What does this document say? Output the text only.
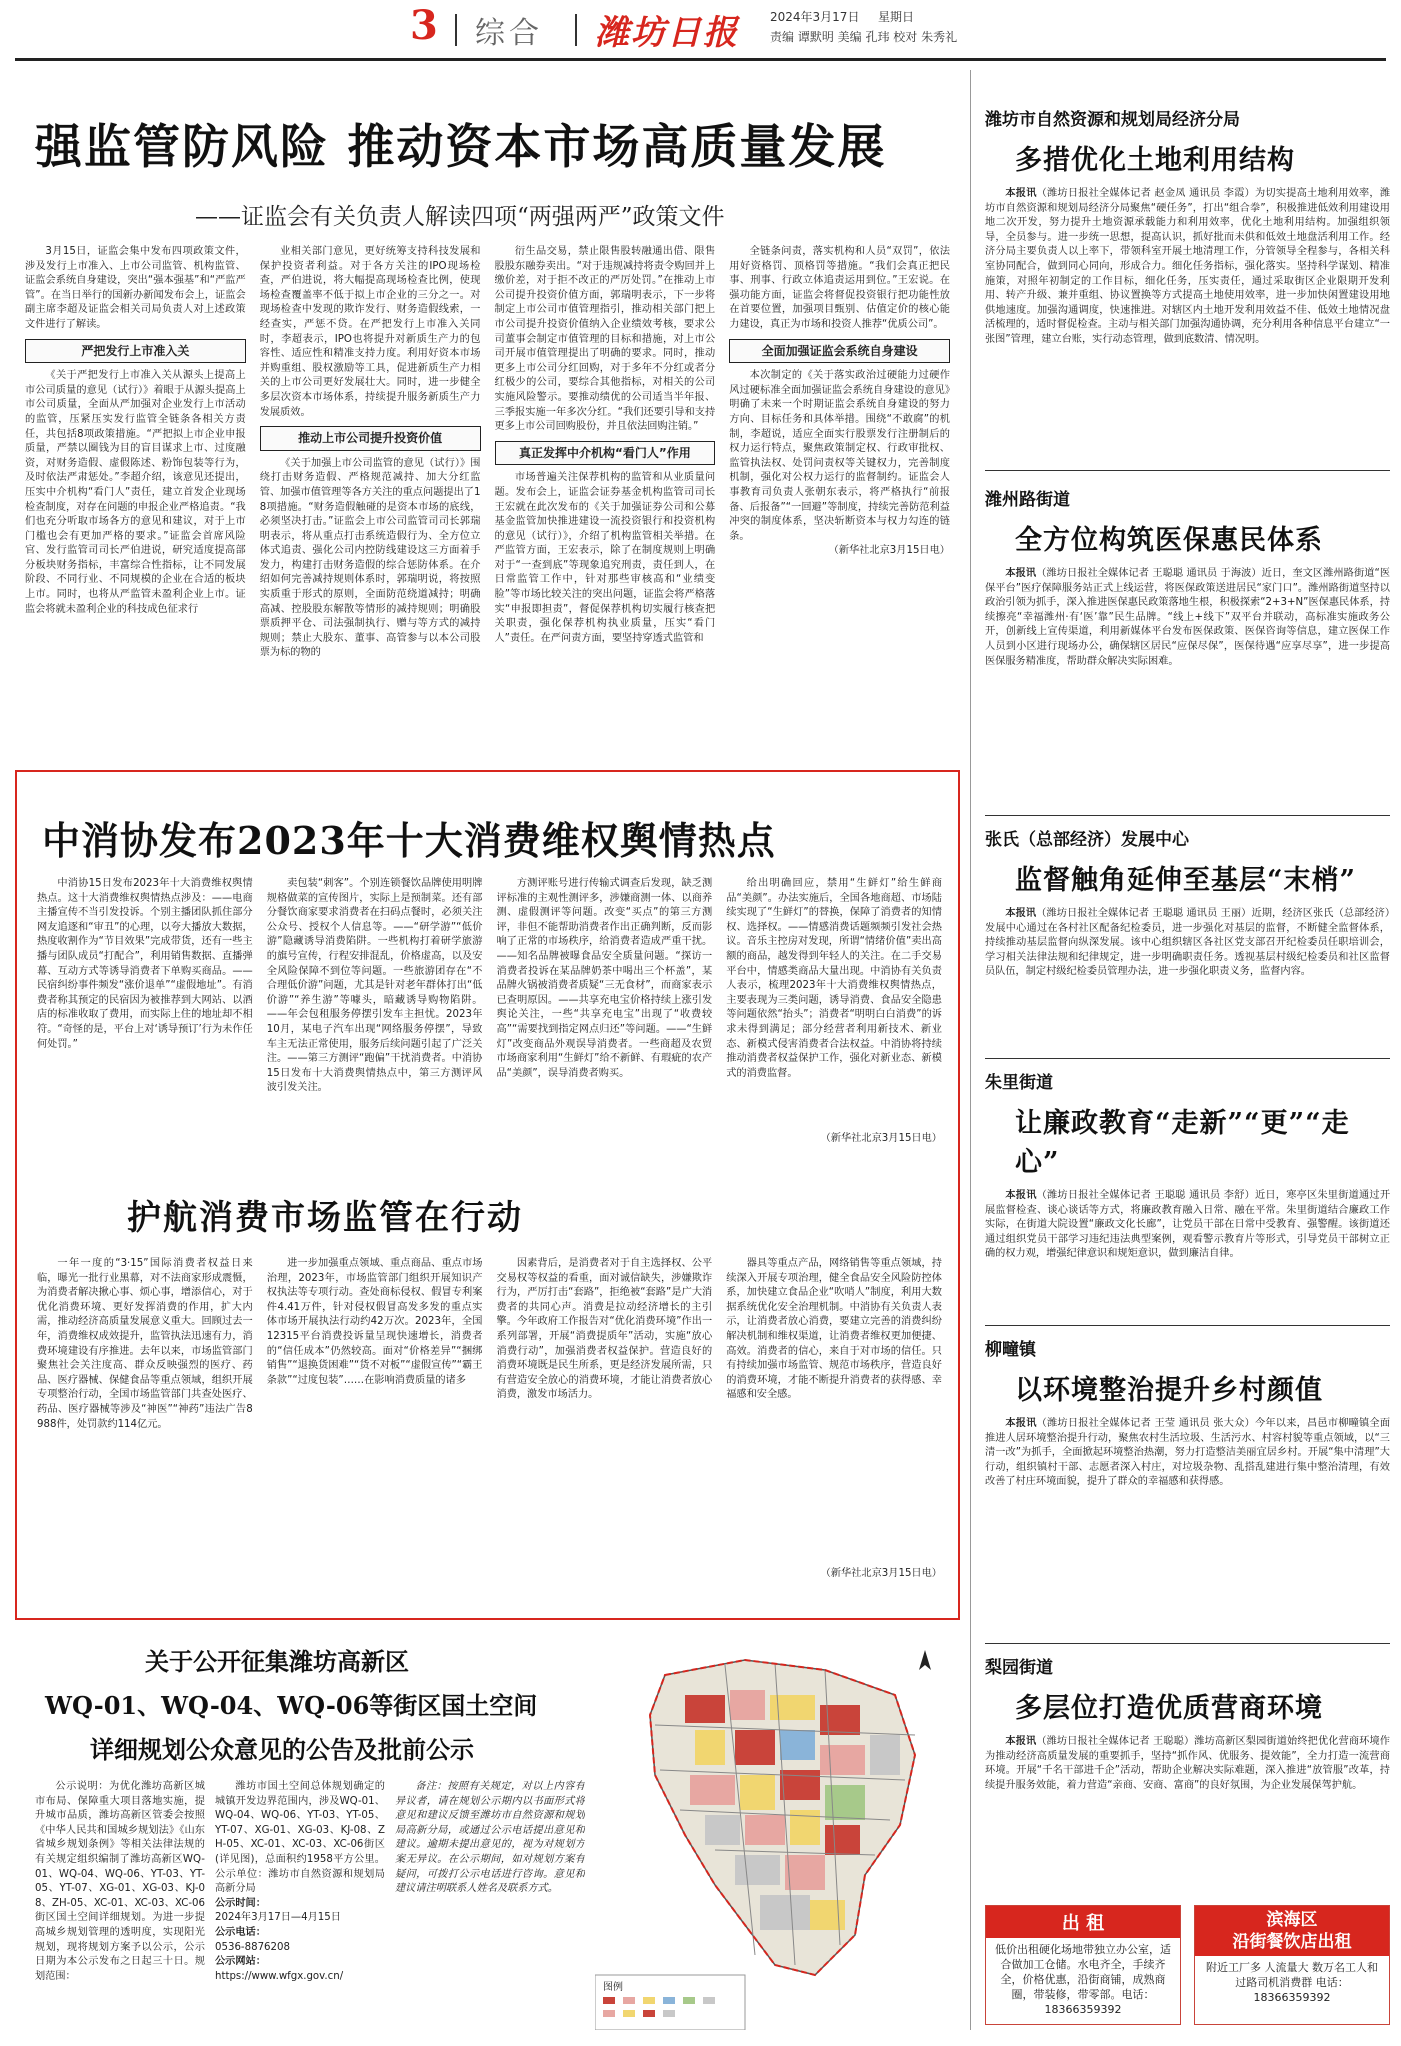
3 综合 潍坊日报	2024年3月17日 星期日
责编 谭默明 美编 孔玮 校对 朱秀礼
强监管防风险 推动资本市场高质量发展
——证监会有关负责人解读四项“两强两严”政策文件

3月15日，证监会集中发布四项政策文件，涉及发行上市准入、上市公司监管、机构监管、证监会系统自身建设，突出“强本强基”和“严监严管”。在当日举行的国新办新闻发布会上，证监会副主席李超及证监会相关司局负责人对上述政策文件进行了解读。

严把发行上市准入关

《关于严把发行上市准入关从源头上提高上市公司质量的意见（试行）》着眼于从源头提高上市公司质量，全面从严加强对企业发行上市活动的监管，压紧压实发行监管全链条各相关方责任，共包括8项政策措施。“严把拟上市企业申报质量，严禁以圈钱为目的盲目谋求上市、过度融资，对财务造假、虚假陈述、粉饰包装等行为，及时依法严肃惩处。”李超介绍，该意见还提出，压实中介机构“看门人”责任，建立首发企业现场检查制度，对存在问题的申报企业严格追责。“我们也充分听取市场各方的意见和建议，对于上市门槛也会有更加严格的要求。”证监会首席风险官、发行监管司司长严伯进说，研究适度提高部分板块财务指标，丰富综合性指标，让不同发展阶段、不同行业、不同规模的企业在合适的板块上市。同时，也将从严监管未盈利企业上市。证监会将就未盈利企业的科技成色征求行

业相关部门意见，更好统筹支持科技发展和保护投资者利益。对于各方关注的IPO现场检查，严伯进说，将大幅提高现场检查比例，使现场检查覆盖率不低于拟上市企业的三分之一。对现场检查中发现的欺诈发行、财务造假线索，一经查实，严惩不贷。在严把发行上市准入关同时，李超表示，IPO也将提升对新质生产力的包容性、适应性和精准支持力度。利用好资本市场并购重组、股权激励等工具，促进新质生产力相关的上市公司更好发展壮大。同时，进一步健全多层次资本市场体系，持续提升服务新质生产力发展质效。

推动上市公司提升投资价值

《关于加强上市公司监管的意见（试行）》围绕打击财务造假、严格规范减持、加大分红监管、加强市值管理等各方关注的重点问题提出了18项措施。“财务造假触碰的是资本市场的底线，必须坚决打击。”证监会上市公司监管司司长郭瑞明表示，将从重点打击系统造假行为、全方位立体式追责、强化公司内控防线建设这三方面着手发力，构建打击财务造假的综合惩防体系。在介绍如何完善减持规则体系时，郭瑞明说，将按照实质重于形式的原则，全面防范绕道减持；明确高减、控股股东解散等情形的减持规则；明确股票质押平仓、司法强制执行、赠与等方式的减持规则；禁止大股东、董事、高管参与以本公司股票为标的物的

衍生品交易，禁止限售股转融通出借、限售股股东融券卖出。“对于违规减持将责令购回并上缴价差，对于拒不改正的严厉处罚。”在推动上市公司提升投资价值方面，郭瑞明表示，下一步将制定上市公司市值管理指引，推动相关部门把上市公司提升投资价值纳入企业绩效考核，要求公司董事会制定市值管理的目标和措施，对上市公司开展市值管理提出了明确的要求。同时，推动更多上市公司分红回购，对于多年不分红或者分红极少的公司，要综合其他指标，对相关的公司实施风险警示。要推动绩优的公司适当半年报、三季报实施一年多次分红。“我们还要引导和支持更多上市公司回购股份，并且依法回购注销。”

真正发挥中介机构“看门人”作用

市场普遍关注保荐机构的监管和从业质量问题。发布会上，证监会证券基金机构监管司司长王宏就在此次发布的《关于加强证券公司和公募基金监管加快推进建设一流投资银行和投资机构的意见（试行）》，介绍了机构监管相关举措。在严监管方面，王宏表示，除了在制度规则上明确对于“一查到底”等现象追究刑责，责任到人，在日常监管工作中，针对那些审核高和“业绩变脸”等市场比较关注的突出问题，证监会将严格落实“申报即担责”，督促保荐机构切实履行核查把关职责，强化保荐机构执业质量，压实“看门人”责任。在严问责方面，要坚持穿透式监管和

全链条问责，落实机构和人员“双罚”，依法用好资格罚、顶格罚等措施。“我们会真正把民事、刑事、行政立体追责运用到位。”王宏说。在强功能方面，证监会将督促投资银行把功能性放在首要位置，加强项目甄别、估值定价的核心能力建设，真正为市场和投资人推荐“优质公司”。

全面加强证监会系统自身建设

本次制定的《关于落实政治过硬能力过硬作风过硬标准全面加强证监会系统自身建设的意见》明确了未来一个时期证监会系统自身建设的努力方向、目标任务和具体举措。围绕“不敢腐”的机制，李超说，适应全面实行股票发行注册制后的权力运行特点，聚焦政策制定权、行政审批权、监管执法权、处罚问责权等关键权力，完善制度机制，强化对公权力运行的监督制约。证监会人事教育司负责人张朝东表示，将严格执行“前报备、后报备”“一回避”等制度，持续完善防范利益冲突的制度体系，坚决斩断资本与权力勾连的链条。

（新华社北京3月15日电）
潍坊市自然资源和规划局经济分局
多措优化土地利用结构
本报讯（潍坊日报社全媒体记者 赵金凤 通讯员 李霞）为切实提高土地利用效率，潍坊市自然资源和规划局经济分局聚焦“硬任务”，打出“组合拳”，积极推进低效利用建设用地二次开发，努力提升土地资源承载能力和利用效率，优化土地利用结构。加强组织领导，全员参与。进一步统一思想，提高认识，抓好批而未供和低效土地盘活利用工作。经济分局主要负责人以上率下，带领科室开展土地清理工作，分管领导全程参与，各相关科室协同配合，做到同心同向，形成合力。细化任务指标，强化落实。坚持科学谋划、精准施策，对照年初制定的工作目标，细化任务，压实责任，通过采取街区企业限期开发利用、转产升级、兼并重组、协议置换等方式提高土地使用效率，进一步加快闲置建设用地供地速度。加强沟通调度，快速推进。对辖区内土地开发利用效益不佳、低效土地情况盘活梳理的，适时督促检查。主动与相关部门加强沟通协调，充分利用各种信息平台建立“一张图”管理，建立台账，实行动态管理，做到底数清、情况明。
潍州路街道
全方位构筑医保惠民体系
本报讯（潍坊日报社全媒体记者 王聪聪 通讯员 于海波）近日，奎文区潍州路街道“医保平台”医疗保障服务站正式上线运营，将医保政策送进居民“家门口”。潍州路街道坚持以政治引领为抓手，深入推进医保惠民政策落地生根，积极探索“2+3+N”医保惠民体系，持续擦亮“幸福潍州·有‘医’靠”民生品牌。“线上+线下”双平台并联动，高标准实施政务公开，创新线上宣传渠道，利用新媒体平台发布医保政策、医保咨询等信息，建立医保工作人员到小区进行现场办公，确保辖区居民“应保尽保”，医保待遇“应享尽享”，进一步提高医保服务精准度，帮助群众解决实际困难。
张氏（总部经济）发展中心
监督触角延伸至基层“末梢”
本报讯（潍坊日报社全媒体记者 王聪聪 通讯员 王丽）近期，经济区张氏（总部经济）发展中心通过在各村社区配备纪检委员，进一步强化对基层的监督，不断健全监督体系，持续推动基层监督向纵深发展。该中心组织辖区各社区党支部召开纪检委员任职培训会，学习相关法律法规和纪律规定，进一步明确职责任务。透视基层村级纪检委员和社区监督员队伍，制定村级纪检委员管理办法，进一步强化职责义务，监督内容。
朱里街道
让廉政教育“走新”“更”“走心”
本报讯（潍坊日报社全媒体记者 王聪聪 通讯员 李舒）近日，寒亭区朱里街道通过开展监督检查、谈心谈话等方式，将廉政教育融入日常、融在平常。朱里街道结合廉政工作实际，在街道大院设置“廉政文化长廊”，让党员干部在日常中受教育、强警醒。该街道还通过组织党员干部学习违纪违法典型案例，观看警示教育片等形式，引导党员干部树立正确的权力观，增强纪律意识和规矩意识，做到廉洁自律。
柳疃镇
以环境整治提升乡村颜值
本报讯（潍坊日报社全媒体记者 王莹 通讯员 张大众）今年以来，昌邑市柳疃镇全面推进人居环境整治提升行动，聚焦农村生活垃圾、生活污水、村容村貌等重点领域，以“三清一改”为抓手，全面掀起环境整治热潮，努力打造整洁美丽宜居乡村。开展“集中清理”大行动，组织镇村干部、志愿者深入村庄，对垃圾杂物、乱搭乱建进行集中整治清理，有效改善了村庄环境面貌，提升了群众的幸福感和获得感。
梨园街道
多层位打造优质营商环境
本报讯（潍坊日报社全媒体记者 王聪聪）潍坊高新区梨园街道始终把优化营商环境作为推动经济高质量发展的重要抓手，坚持“抓作风、优服务、提效能”，全力打造一流营商环境。开展“千名干部进千企”活动，帮助企业解决实际难题，深入推进“放管服”改革，持续提升服务效能，着力营造“亲商、安商、富商”的良好氛围，为企业发展保驾护航。
出 租
低价出租硬化场地带独立办公室，适合做加工仓储。水电齐全，手续齐全，价格优惠，沿街商铺，成熟商圈，带装修，带零部。电话：18366359392
滨海区
沿街餐饮店出租
附近工厂多 人流量大 数万名工人和过路司机消费群 电话：18366359392
中消协发布2023年十大消费维权舆情热点

中消协15日发布2023年十大消费维权舆情热点。这十大消费维权舆情热点涉及：——电商主播宣传不当引发投诉。个别主播团队抓住部分网友追逐和“审丑”的心理，以夸大播放大数据，热度收割作为“节目效果”完成带货，还有一些主播与团队成员“打配合”，利用销售数据、直播弹幕、互动方式等诱导消费者下单购买商品。——民宿纠纷事件频发“涨价退单”“虚假地址”。有消费者称其预定的民宿因为被推荐到大网站、以酒店的标准收取了费用，而实际上住的地址却不相符。“奇怪的是，平台上对‘诱导预订’行为未作任何处罚。”

卖包装“刺客”。个别连锁餐饮品牌使用明牌规格做菜的宣传图片，实际上是预制菜。还有部分餐饮商家要求消费者在扫码点餐时，必须关注公众号、授权个人信息等。——“研学游”“低价游”隐藏诱导消费陷阱。一些机构打着研学旅游的旗号宣传，行程安排混乱，价格虚高，以及安全风险保障不到位等问题。一些旅游团存在“不合理低价游”问题，尤其是针对老年群体打出“低价游”“养生游”等噱头，暗藏诱导购物陷阱。——年会包租服务停摆引发车主担忧。2023年10月，某电子汽车出现“网络服务停摆”，导致车主无法正常使用，服务后续问题引起了广泛关注。——第三方测评“跑偏”干扰消费者。中消协15日发布十大消费舆情热点中，第三方测评风波引发关注。

方测评账号进行传输式调查后发现，缺乏测评标准的主观性测评多，涉嫌商测一体、以商养测、虚假测评等问题。改变“买点”的第三方测评，非但不能帮助消费者作出正确判断，反而影响了正常的市场秩序，给消费者造成严重干扰。——知名品牌被曝食品安全质量问题。“探访一消费者投诉在某品牌奶茶中喝出三个杯盖”，某品牌火锅被消费者质疑“三无食材”，而商家表示已查明原因。——共享充电宝价格持续上涨引发舆论关注，一些“共享充电宝”出现了“收费较高”“需要找到指定网点归还”等问题。——“生鲜灯”改变商品外观误导消费者。一些商超及农贸市场商家利用“生鲜灯”给不新鲜、有瑕疵的农产品“美颜”，误导消费者购买。

给出明确回应，禁用“生鲜灯”给生鲜商品“美颜”。办法实施后，全国各地商超、市场陆续实现了“生鲜灯”的替换，保障了消费者的知情权、选择权。——情感消费话题频频引发社会热议。音乐主控房对发现，所谓“情绪价值”卖出高额的商品，越发得到年轻人的关注。在二手交易平台中，情感类商品大量出现。中消协有关负责人表示，梳理2023年十大消费维权舆情热点，主要表现为三类问题，诱导消费、食品安全隐患等问题依然“抬头”；消费者“明明白白消费”的诉求未得到满足；部分经营者利用新技术、新业态、新模式侵害消费者合法权益。中消协将持续推动消费者权益保护工作，强化对新业态、新模式的消费监督。

（新华社北京3月15日电）
护航消费市场监管在行动

一年一度的“3·15”国际消费者权益日来临，曝光一批行业黑幕，对不法商家形成震慑，为消费者解决揪心事、烦心事，增添信心，对于优化消费环境、更好发挥消费的作用，扩大内需，推动经济高质量发展意义重大。回顾过去一年，消费维权成效提升，监管执法迅速有力，消费环境建设有序推进。去年以来，市场监管部门聚焦社会关注度高、群众反映强烈的医疗、药品、医疗器械、保健食品等重点领域，组织开展专项整治行动，全国市场监管部门共查处医疗、药品、医疗器械等涉及“神医”“神药”违法广告8988件，处罚款约114亿元。

进一步加强重点领域、重点商品、重点市场治理，2023年，市场监管部门组织开展知识产权执法等专项行动。查处商标侵权、假冒专利案件4.41万件，针对侵权假冒高发多发的重点实体市场开展执法行动约42万次。2023年，全国12315平台消费投诉量呈现快速增长，消费者的“信任成本”仍然较高。面对“价格差异”“捆绑销售”“退换货困难”“货不对板”“虚假宣传”“霸王条款”“过度包装”……在影响消费质量的诸多

因素背后，是消费者对于自主选择权、公平交易权等权益的看重，面对诚信缺失，涉嫌欺诈行为，严厉打击“套路”，拒绝被“套路”是广大消费者的共同心声。消费是拉动经济增长的主引擎。今年政府工作报告对“优化消费环境”作出一系列部署，开展“消费提质年”活动，实施“放心消费行动”，加强消费者权益保护。营造良好的消费环境既是民生所系，更是经济发展所需，只有营造安全放心的消费环境，才能让消费者放心消费，激发市场活力。

器具等重点产品，网络销售等重点领域，持续深入开展专项治理，健全食品安全风险防控体系，加快建立食品企业“吹哨人”制度，利用大数据系统优化安全治理机制。中消协有关负责人表示，让消费者放心消费，要建立完善的消费纠纷解决机制和维权渠道，让消费者维权更加便捷、高效。消费者的信心，来自于对市场的信任。只有持续加强市场监管、规范市场秩序，营造良好的消费环境，才能不断提升消费者的获得感、幸福感和安全感。

（新华社北京3月15日电）
关于公开征集潍坊高新区
WQ-01、WQ-04、WQ-06等街区国土空间
详细规划公众意见的公告及批前公示

公示说明：为优化潍坊高新区城市布局、保障重大项目落地实施，提升城市品质，潍坊高新区管委会按照《中华人民共和国城乡规划法》《山东省城乡规划条例》等相关法律法规的有关规定组织编制了潍坊高新区WQ-01、WQ-04、WQ-06、YT-03、YT-05、YT-07、XG-01、XG-03、KJ-08、ZH-05、XC-01、XC-03、XC-06街区国土空间详细规划。为进一步提高城乡规划管理的透明度，实现阳光规划，现将规划方案予以公示，公示日期为本公示发布之日起三十日。规划范围：

潍坊市国土空间总体规划确定的城镇开发边界范围内，涉及WQ-01、WQ-04、WQ-06、YT-03、YT-05、YT-07、XG-01、XG-03、KJ-08、ZH-05、XC-01、XC-03、XC-06街区(详见图)，总面积约1958平方公里。公示单位：潍坊市自然资源和规划局高新分局

公示时间：
2024年3月17日—4月15日
公示电话：
0536-8876208
公示网站：
https://www.wfgx.gov.cn/

备注：按照有关规定，对以上内容有异议者，请在规划公示期内以书面形式将意见和建议反馈至潍坊市自然资源和规划局高新分局，或通过公示电话提出意见和建议。逾期未提出意见的，视为对规划方案无异议。在公示期间，如对规划方案有疑问，可拨打公示电话进行咨询。意见和建议请注明联系人姓名及联系方式。

图例
